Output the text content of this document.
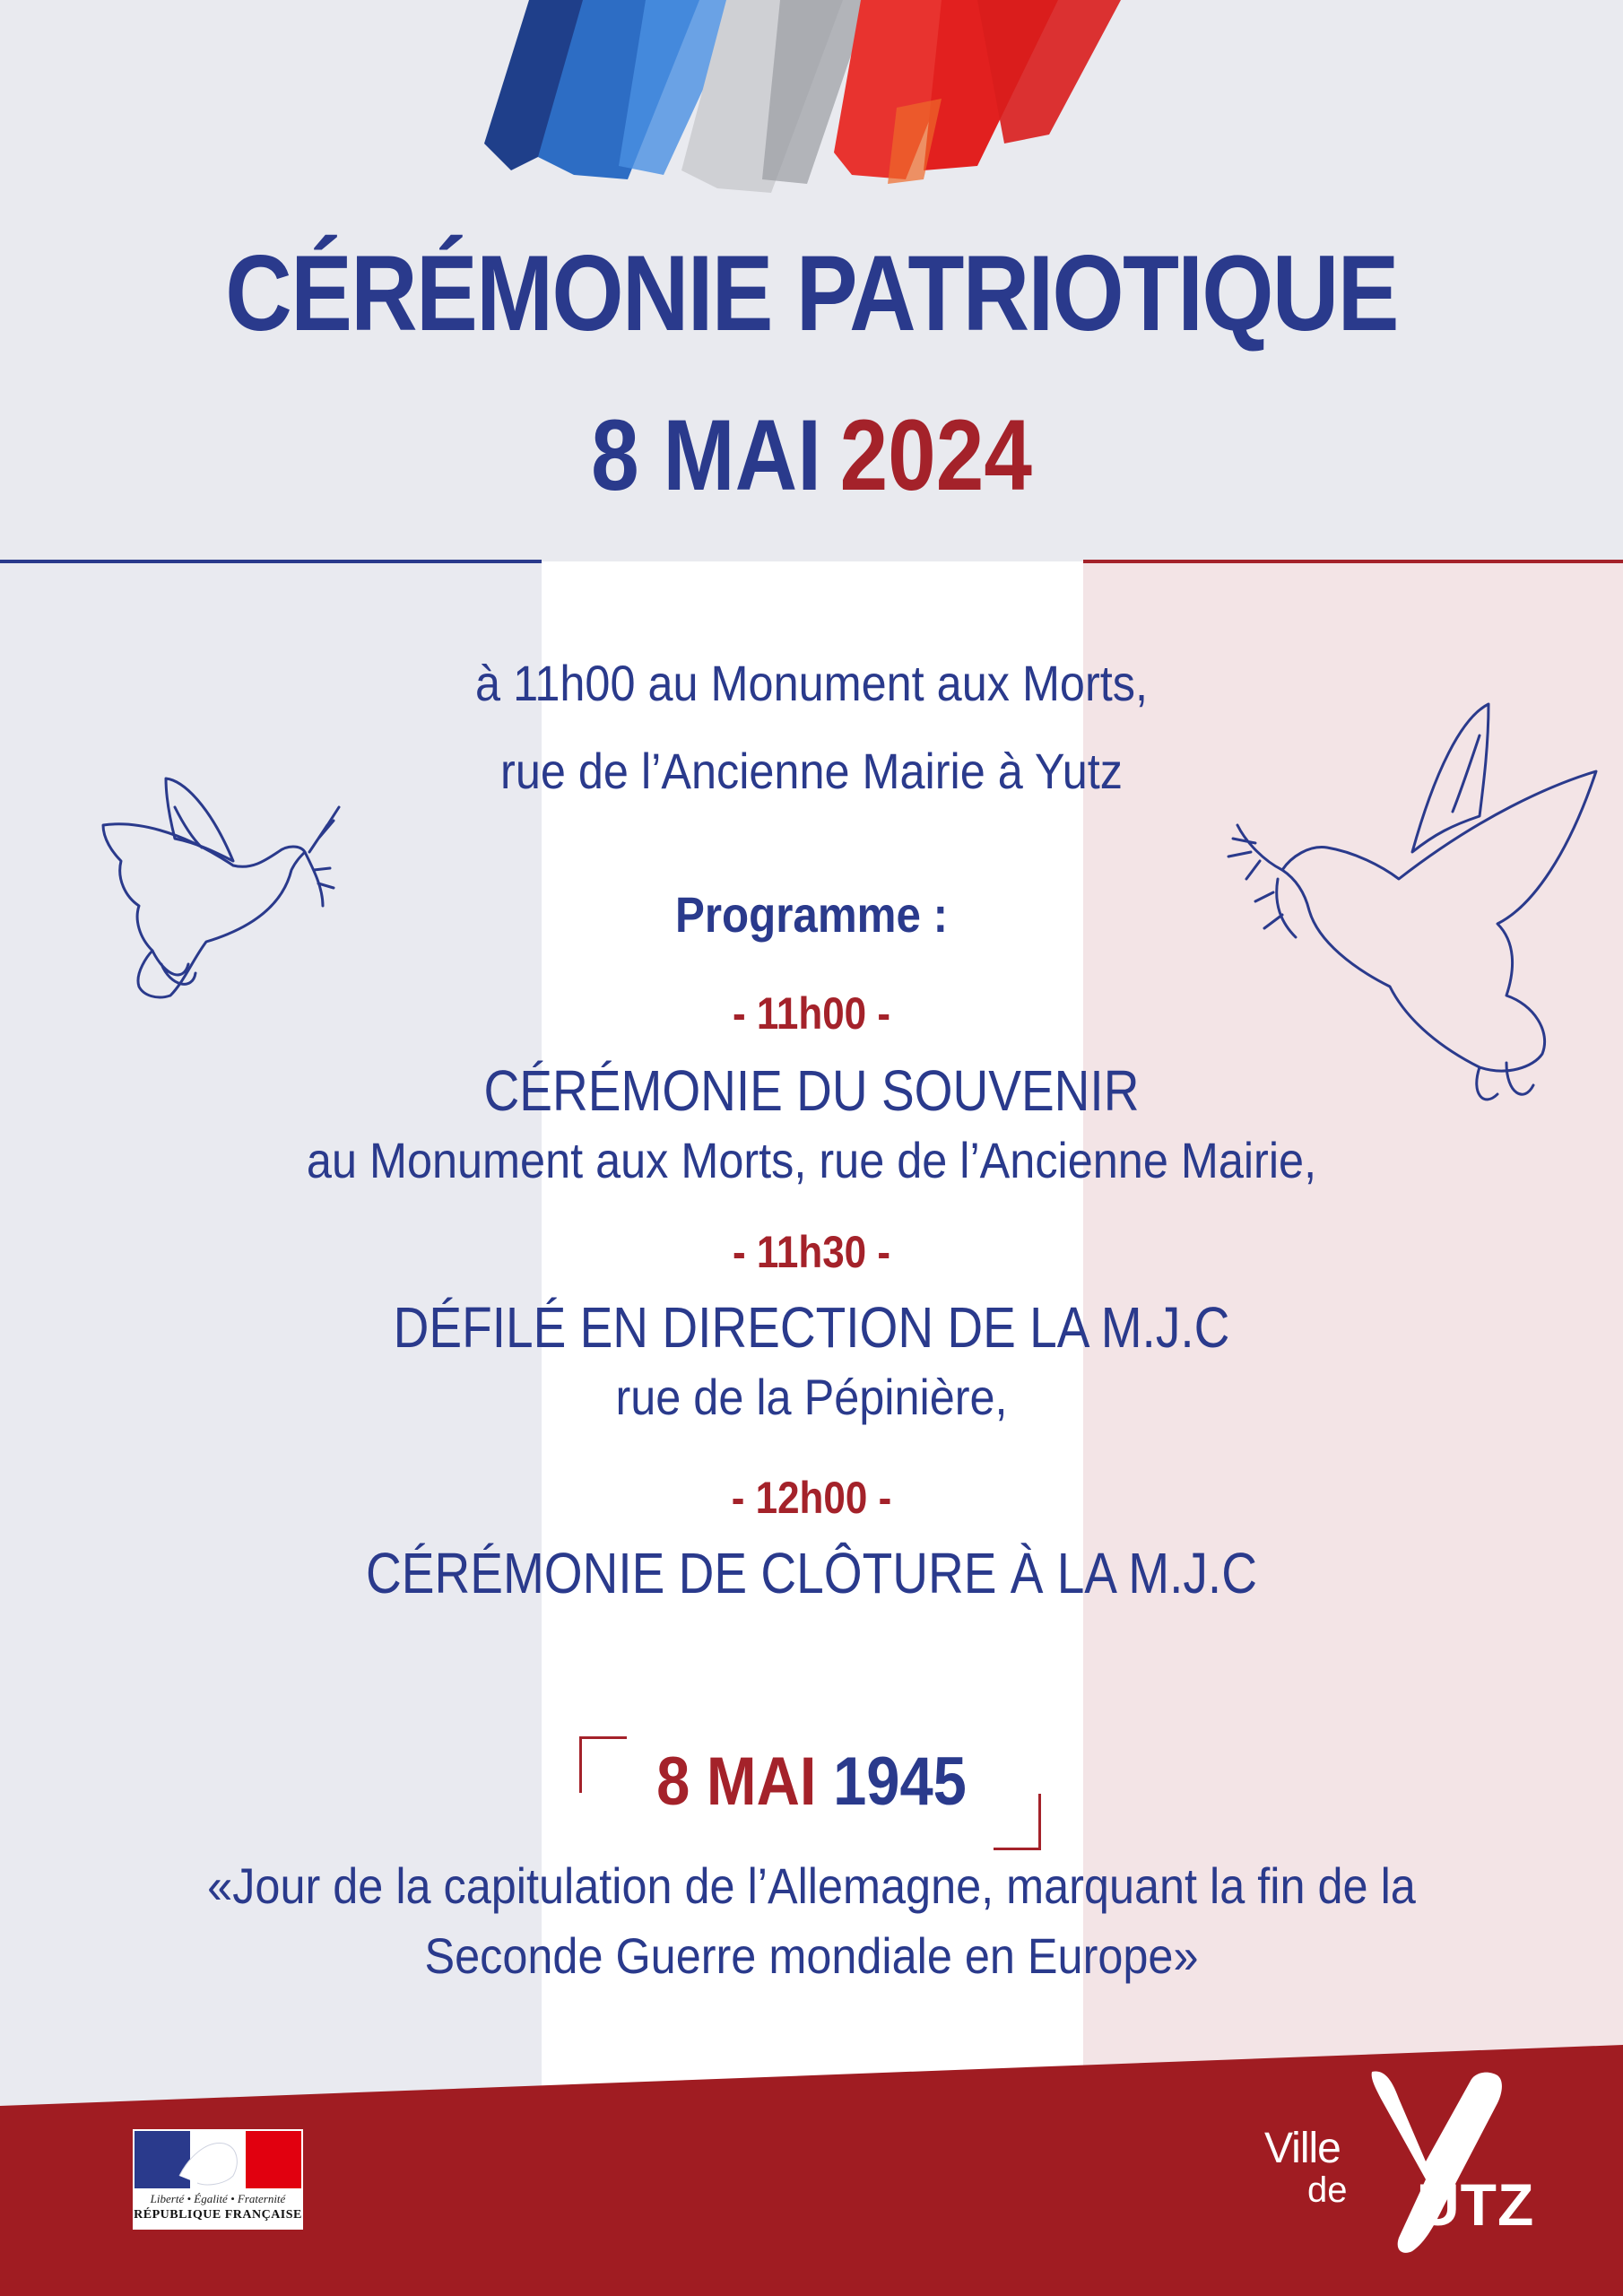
CÉRÉMONIE PATRIOTIQUE
8 MAI 2024
à 11h00 au Monument aux Morts,
rue de l’Ancienne Mairie à Yutz
Programme :
- 11h00 -
CÉRÉMONIE DU SOUVENIR
au Monument aux Morts, rue de l’Ancienne Mairie,
- 11h30 -
DÉFILÉ EN DIRECTION DE LA M.J.C
rue de la Pépinière,
- 12h00 -
CÉRÉMONIE DE CLÔTURE À LA M.J.C
8 MAI 1945
«Jour de la capitulation de l’Allemagne, marquant la fin de la
Seconde Guerre mondiale en Europe»
Liberté • Égalité • Fraternité
RÉPUBLIQUE FRANÇAISE
Ville
de UTZ
